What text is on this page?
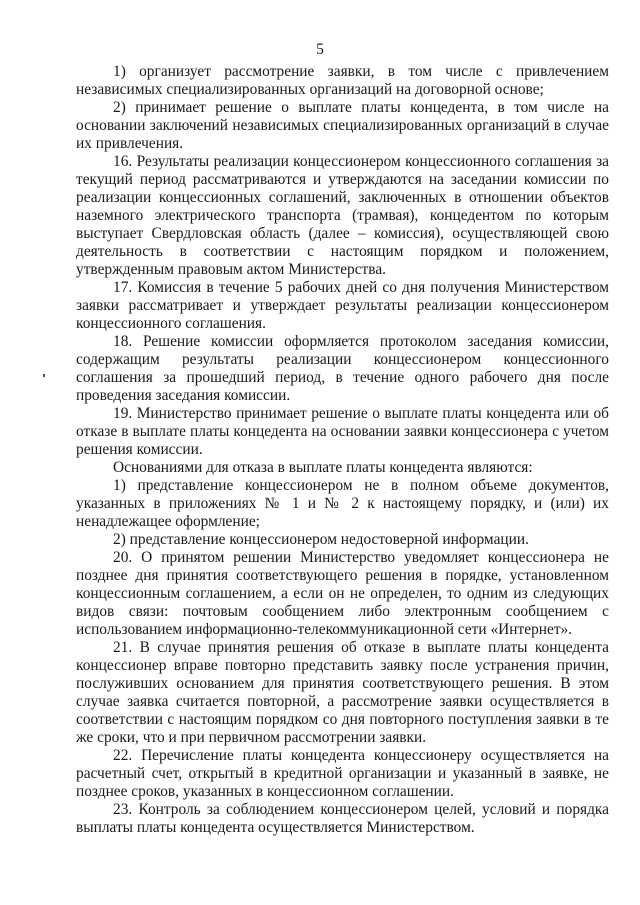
5

1) организует рассмотрение заявки, в том числе с привлечением независимых специализированных организаций на договорной основе;

2) принимает решение о выплате платы концедента, в том числе на основании заключений независимых специализированных организаций в случае их привлечения.

16. Результаты реализации концессионером концессионного соглашения за текущий период рассматриваются и утверждаются на заседании комиссии по реализации концессионных соглашений, заключенных в отношении объектов наземного электрического транспорта (трамвая), концедентом по которым выступает Свердловская область (далее – комиссия), осуществляющей свою деятельность в соответствии с настоящим порядком и положением, утвержденным правовым актом Министерства.

17. Комиссия в течение 5 рабочих дней со дня получения Министерством заявки рассматривает и утверждает результаты реализации концессионером концессионного соглашения.

18. Решение комиссии оформляется протоколом заседания комиссии, содержащим результаты реализации концессионером концессионного соглашения за прошедший период, в течение одного рабочего дня после проведения заседания комиссии.

19. Министерство принимает решение о выплате платы концедента или об отказе в выплате платы концедента на основании заявки концессионера с учетом решения комиссии.

Основаниями для отказа в выплате платы концедента являются:

1) представление концессионером не в полном объеме документов, указанных в приложениях № 1 и № 2 к настоящему порядку, и (или) их ненадлежащее оформление;

2) представление концессионером недостоверной информации.

20. О принятом решении Министерство уведомляет концессионера не позднее дня принятия соответствующего решения в порядке, установленном концессионным соглашением, а если он не определен, то одним из следующих видов связи: почтовым сообщением либо электронным сообщением с использованием информационно-телекоммуникационной сети «Интернет».

21. В случае принятия решения об отказе в выплате платы концедента концессионер вправе повторно представить заявку после устранения причин, послуживших основанием для принятия соответствующего решения. В этом случае заявка считается повторной, а рассмотрение заявки осуществляется в соответствии с настоящим порядком со дня повторного поступления заявки в те же сроки, что и при первичном рассмотрении заявки.

22. Перечисление платы концедента концессионеру осуществляется на расчетный счет, открытый в кредитной организации и указанный в заявке, не позднее сроков, указанных в концессионном соглашении.

23. Контроль за соблюдением концессионером целей, условий и порядка выплаты платы концедента осуществляется Министерством.
